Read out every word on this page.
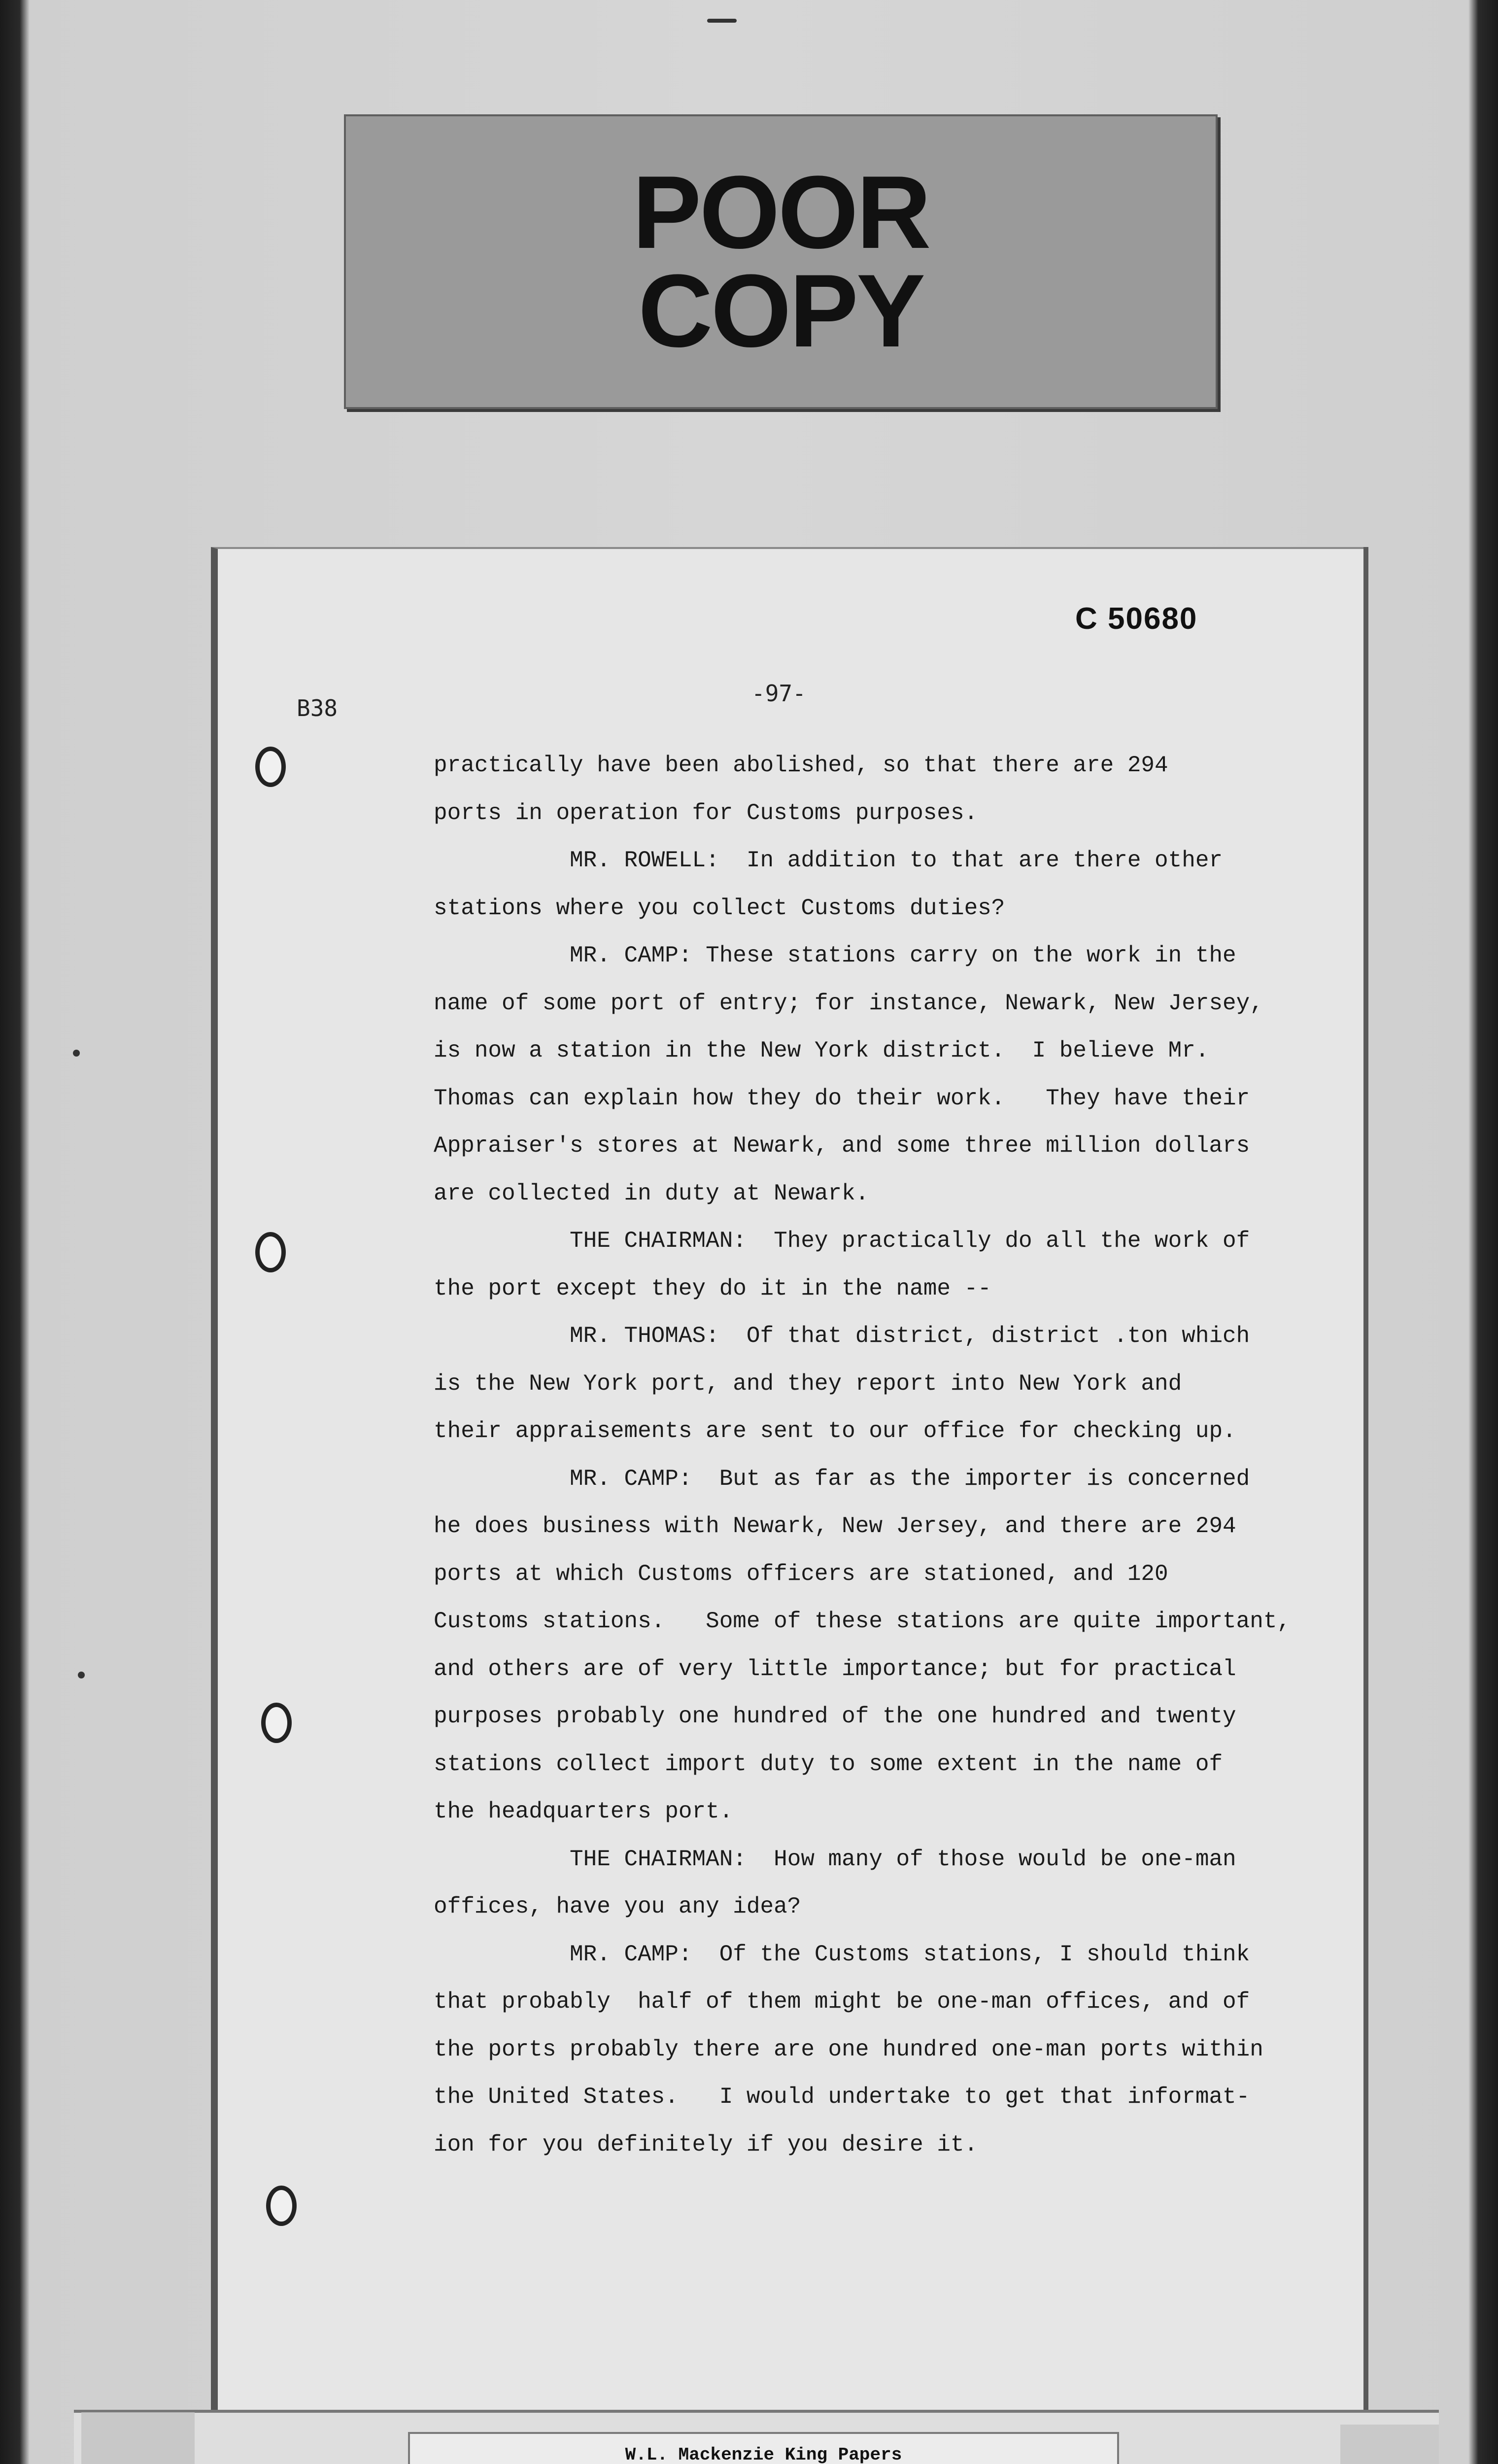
POOR
COPY
C 50680
B38
-97-
practically have been abolished, so that there are 294
ports in operation for Customs purposes.
MR. ROWELL:  In addition to that are there other
stations where you collect Customs duties?
MR. CAMP: These stations carry on the work in the
name of some port of entry; for instance, Newark, New Jersey,
is now a station in the New York district.  I believe Mr.
Thomas can explain how they do their work.   They have their
Appraiser's stores at Newark, and some three million dollars
are collected in duty at Newark.
THE CHAIRMAN:  They practically do all the work of
the port except they do it in the name --
MR. THOMAS:  Of that district, district .ton which
is the New York port, and they report into New York and
their appraisements are sent to our office for checking up.
MR. CAMP:  But as far as the importer is concerned
he does business with Newark, New Jersey, and there are 294
ports at which Customs officers are stationed, and 120
Customs stations.   Some of these stations are quite important,
and others are of very little importance; but for practical
purposes probably one hundred of the one hundred and twenty
stations collect import duty to some extent in the name of
the headquarters port.
THE CHAIRMAN:  How many of those would be one-man
offices, have you any idea?
MR. CAMP:  Of the Customs stations, I should think
that probably  half of them might be one-man offices, and of
the ports probably there are one hundred one-man ports within
the United States.   I would undertake to get that informat-
ion for you definitely if you desire it.
W.L. Mackenzie King Papers
